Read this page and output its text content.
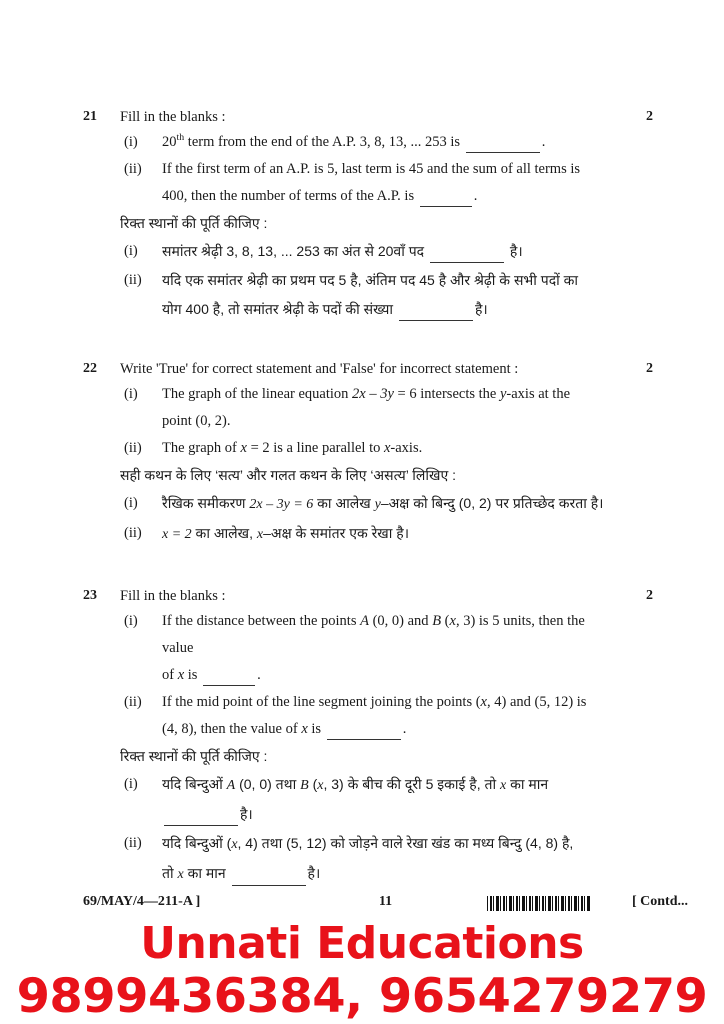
21	Fill in the blanks :	2
(i)	20th term from the end of the A.P. 3, 8, 13, ... 253 is	.
(ii)	If the first term of an A.P. is 5, last term is 45 and the sum of all terms is
400, then the number of terms of the A.P. is	.
रिक्त स्थानों की पूर्ति कीजिए :
(i)	समांतर श्रेढ़ी 3, 8, 13, ... 253 का अंत से 20वाँ पद	है।
(ii)	यदि एक समांतर श्रेढ़ी का प्रथम पद 5 है, अंतिम पद 45 है और श्रेढ़ी के सभी पदों का
योग 400 है, तो समांतर श्रेढ़ी के पदों की संख्या	है।
22	Write 'True' for correct statement and 'False' for incorrect statement :	2
(i)	The graph of the linear equation 2x – 3y = 6 intersects the y-axis at the
point (0, 2).
(ii)	The graph of x = 2 is a line parallel to x-axis.
सही कथन के लिए ‘सत्य’ और गलत कथन के लिए ‘असत्य’ लिखिए :
(i)	रैखिक समीकरण 2x – 3y = 6 का आलेख y–अक्ष को बिन्दु (0, 2) पर प्रतिच्छेद करता है।
(ii)	x = 2 का आलेख, x–अक्ष के समांतर एक रेखा है।
23	Fill in the blanks :	2
(i)	If the distance between the points A (0, 0) and B (x, 3) is 5 units, then the value
of x is	.
(ii)	If the mid point of the line segment joining the points (x, 4) and (5, 12) is
(4, 8), then the value of x is	.
रिक्त स्थानों की पूर्ति कीजिए :
(i)	यदि बिन्दुओं A (0, 0) तथा B (x, 3) के बीच की दूरी 5 इकाई है, तो x का मान
है।
(ii)	यदि बिन्दुओं (x, 4) तथा (5, 12) को जोड़ने वाले रेखा खंड का मध्य बिन्दु (4, 8) है,
तो x का मान	है।
69/MAY/4—211-A ]	11	[ Contd...
Unnati Educations
9899436384, 9654279279
